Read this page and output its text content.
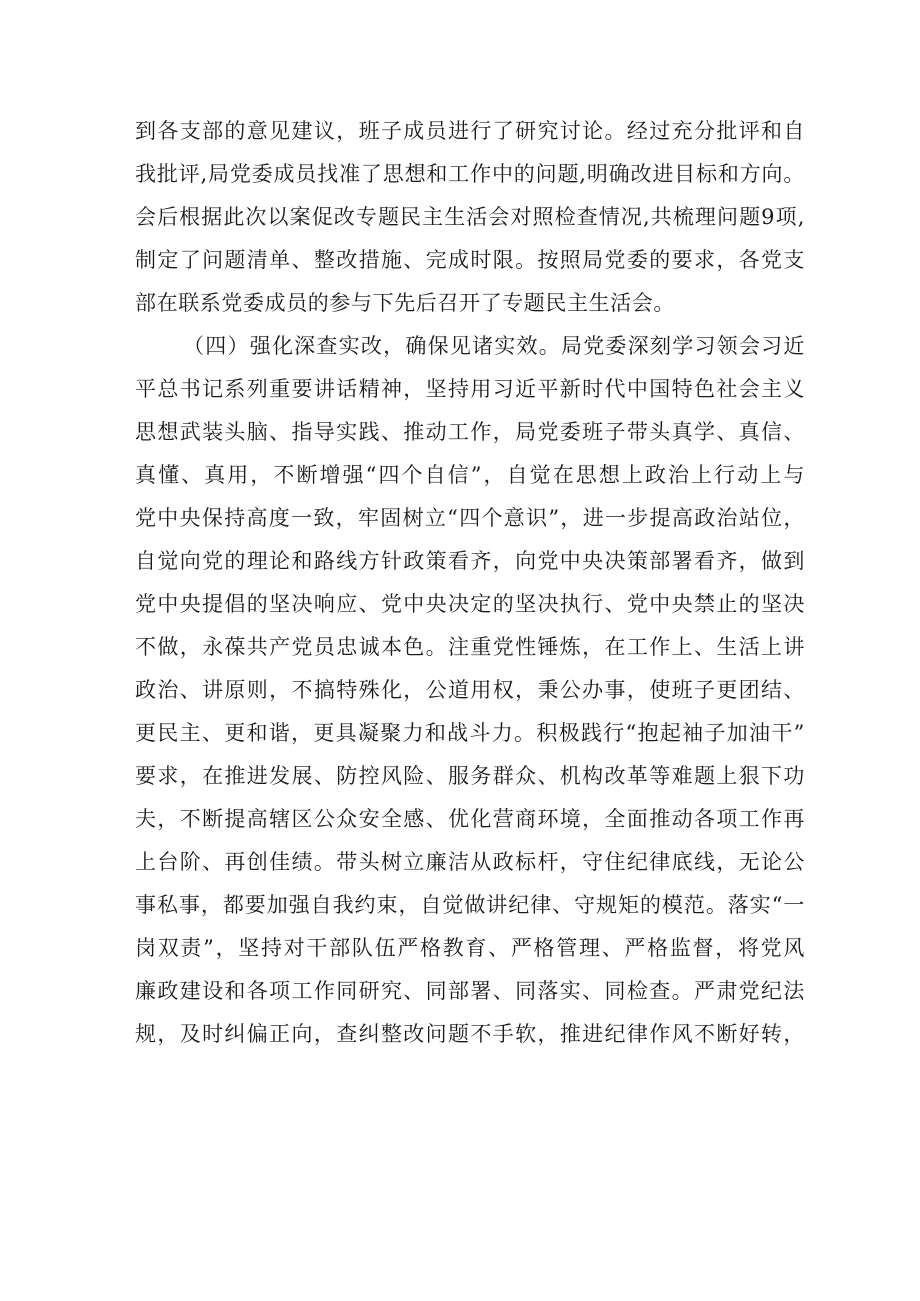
到各支部的意见建议，班子成员进行了研究讨论。经过充分批评和自
我批评,局党委成员找准了思想和工作中的问题,明确改进目标和方向。
会后根据此次以案促改专题民主生活会对照检查情况,共梳理问题9项,
制定了问题清单、整改措施、完成时限。按照局党委的要求，各党支
部在联系党委成员的参与下先后召开了专题民主生活会。
（四）强化深查实改，确保见诸实效。局党委深刻学习领会习近
平总书记系列重要讲话精神，坚持用习近平新时代中国特色社会主义
思想武装头脑、指导实践、推动工作，局党委班子带头真学、真信、
真懂、真用，不断增强“四个自信”，自觉在思想上政治上行动上与
党中央保持高度一致，牢固树立“四个意识”，进一步提高政治站位，
自觉向党的理论和路线方针政策看齐，向党中央决策部署看齐，做到
党中央提倡的坚决响应、党中央决定的坚决执行、党中央禁止的坚决
不做，永葆共产党员忠诚本色。注重党性锤炼，在工作上、生活上讲
政治、讲原则，不搞特殊化，公道用权，秉公办事，使班子更团结、
更民主、更和谐，更具凝聚力和战斗力。积极践行“抱起袖子加油干”
要求，在推进发展、防控风险、服务群众、机构改革等难题上狠下功
夫，不断提高辖区公众安全感、优化营商环境，全面推动各项工作再
上台阶、再创佳绩。带头树立廉洁从政标杆，守住纪律底线，无论公
事私事，都要加强自我约束，自觉做讲纪律、守规矩的模范。落实“一
岗双责”，坚持对干部队伍严格教育、严格管理、严格监督，将党风
廉政建设和各项工作同研究、同部署、同落实、同检查。严肃党纪法
规，及时纠偏正向，查纠整改问题不手软，推进纪律作风不断好转，
